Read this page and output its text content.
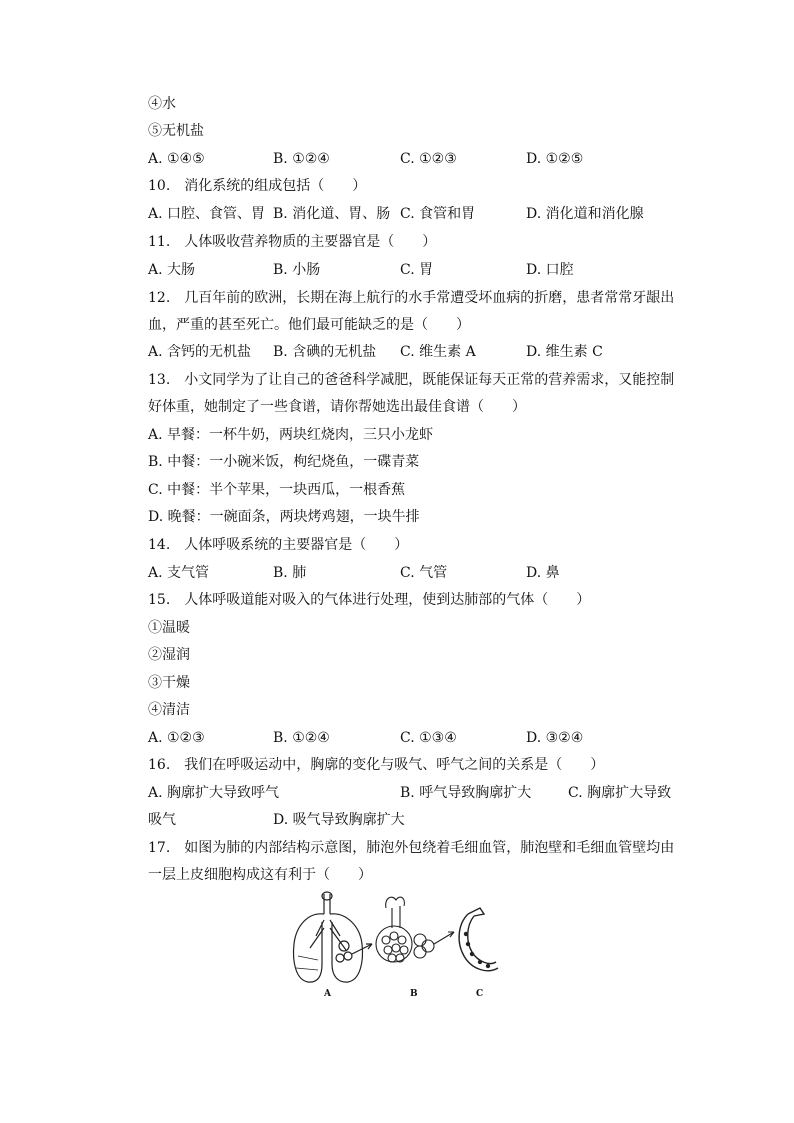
④水
⑤无机盐
A. ①④⑤	B. ①②④	C. ①②③	D. ①②⑤
10.　消化系统的组成包括（　　）
A. 口腔、食管、胃 B. 消化道、胃、肠 C. 食管和胃	D. 消化道和消化腺
11.　人体吸收营养物质的主要器官是（　　）
A. 大肠	B. 小肠	C. 胃	D. 口腔
12.　几百年前的欧洲，长期在海上航行的水手常遭受坏血病的折磨，患者常常牙龈出
血，严重的甚至死亡。他们最可能缺乏的是（　　）
A. 含钙的无机盐 B. 含碘的无机盐 C. 维生素 A	D. 维生素 C
13.　小文同学为了让自己的爸爸科学减肥，既能保证每天正常的营养需求，又能控制
好体重，她制定了一些食谱，请你帮她选出最佳食谱（　　）
A. 早餐：一杯牛奶，两块红烧肉，三只小龙虾
B. 中餐：一小碗米饭，枸纪烧鱼，一碟青菜
C. 中餐：半个苹果，一块西瓜，一根香蕉
D. 晚餐：一碗面条，两块烤鸡翅，一块牛排
14.　人体呼吸系统的主要器官是（　　）
A. 支气管	B. 肺	C. 气管	D. 鼻
15.　人体呼吸道能对吸入的气体进行处理，使到达肺部的气体（　　）
①温暖
②湿润
③干燥
④清洁
A. ①②③	B. ①②④	C. ①③④	D. ③②④
16.　我们在呼吸运动中，胸廓的变化与吸气、呼气之间的关系是（　　）
A. 胸廓扩大导致呼气	B. 呼气导致胸廓扩大	C. 胸廓扩大导致
吸气	D. 吸气导致胸廓扩大
17.　如图为肺的内部结构示意图，肺泡外包绕着毛细血管，肺泡壁和毛细血管壁均由
一层上皮细胞构成这有利于（　　）
A	B	C
